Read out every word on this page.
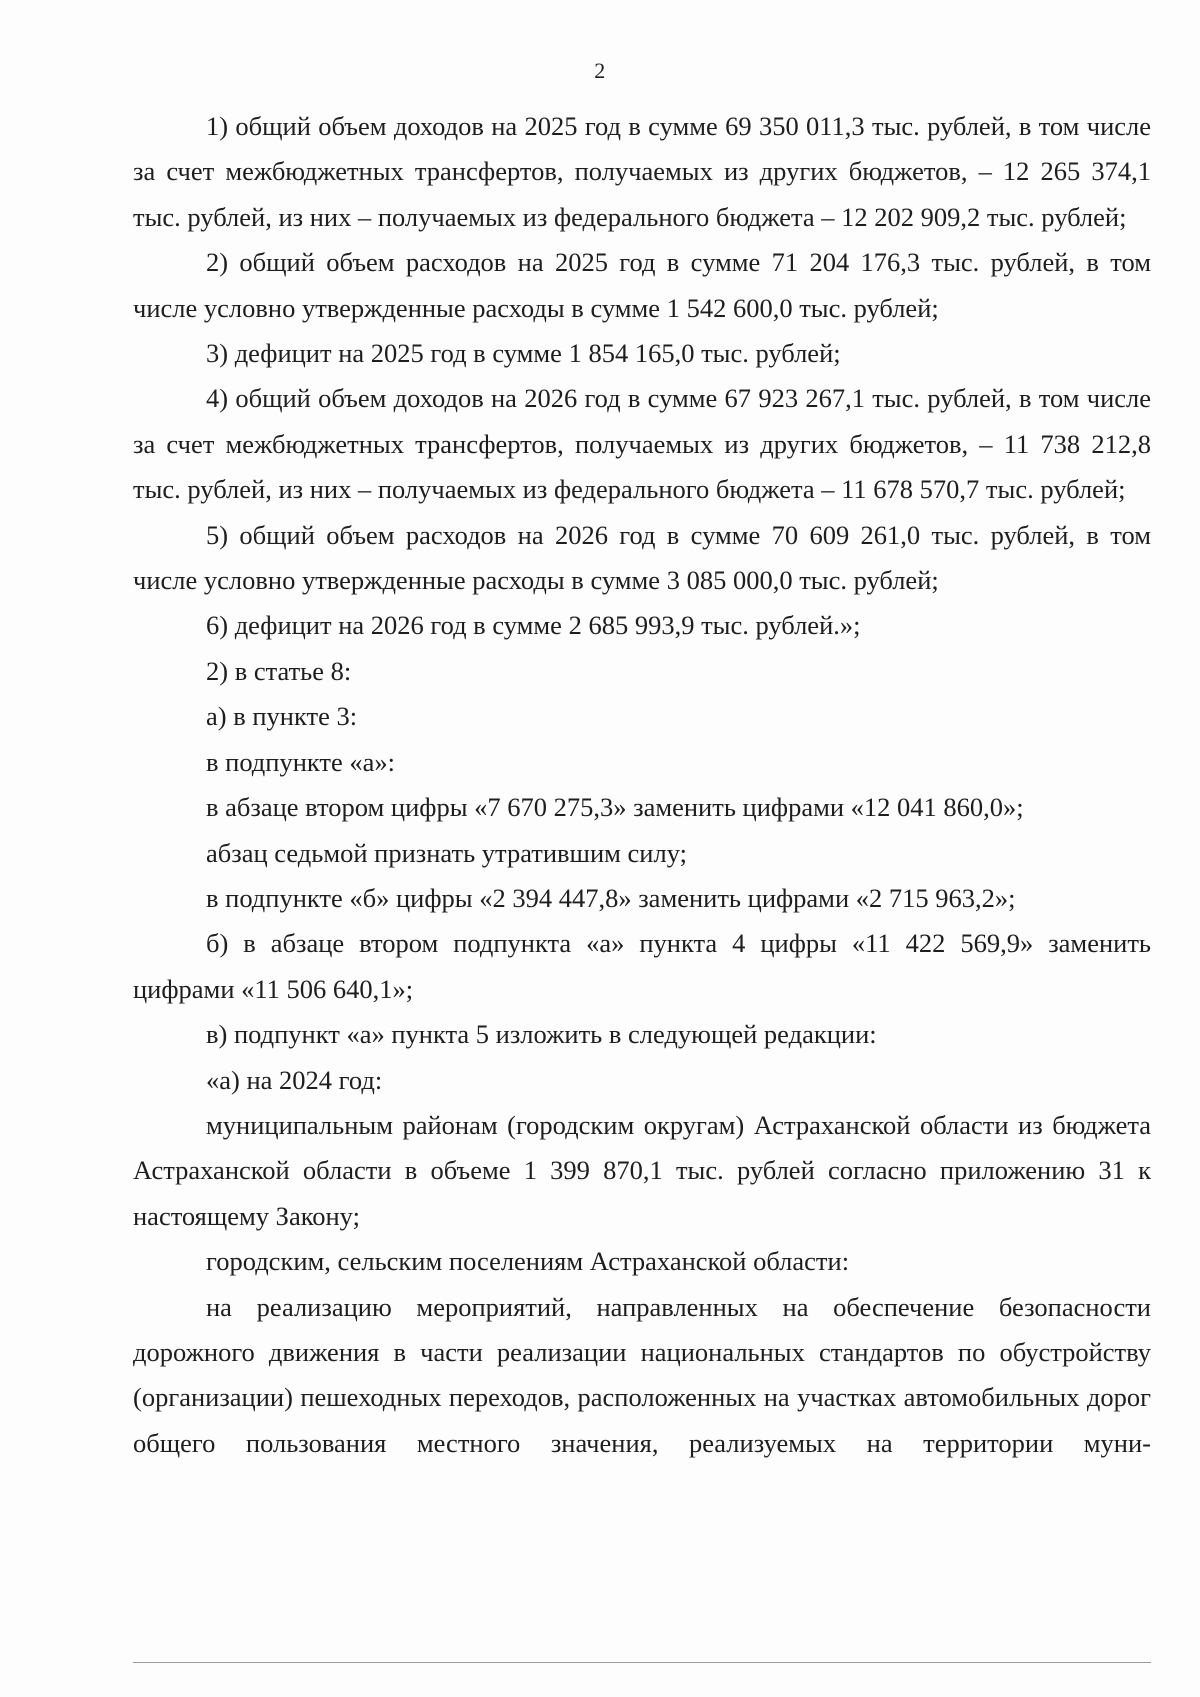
2

1) общий объем доходов на 2025 год в сумме 69 350 011,3 тыс. рублей, в том числе за счет межбюджетных трансфертов, получаемых из других бюджетов, – 12 265 374,1 тыс. рублей, из них – получаемых из федерального бюджета – 12 202 909,2 тыс. рублей;

2) общий объем расходов на 2025 год в сумме 71 204 176,3 тыс. рублей, в том числе условно утвержденные расходы в сумме 1 542 600,0 тыс. рублей;

3) дефицит на 2025 год в сумме 1 854 165,0 тыс. рублей;

4) общий объем доходов на 2026 год в сумме 67 923 267,1 тыс. рублей, в том числе за счет межбюджетных трансфертов, получаемых из других бюджетов, – 11 738 212,8 тыс. рублей, из них – получаемых из федерального бюджета – 11 678 570,7 тыс. рублей;

5) общий объем расходов на 2026 год в сумме 70 609 261,0 тыс. рублей, в том числе условно утвержденные расходы в сумме 3 085 000,0 тыс. рублей;

6) дефицит на 2026 год в сумме 2 685 993,9 тыс. рублей.»;

2) в статье 8:

а) в пункте 3:

в подпункте «а»:

в абзаце втором цифры «7 670 275,3» заменить цифрами «12 041 860,0»;

абзац седьмой признать утратившим силу;

в подпункте «б» цифры «2 394 447,8» заменить цифрами «2 715 963,2»;

б) в абзаце втором подпункта «а» пункта 4 цифры «11 422 569,9» заменить цифрами «11 506 640,1»;

в) подпункт «а» пункта 5 изложить в следующей редакции:

«а) на 2024 год:

муниципальным районам (городским округам) Астраханской области из бюджета Астраханской области в объеме 1 399 870,1 тыс. рублей согласно приложению 31 к настоящему Закону;

городским, сельским поселениям Астраханской области:

на реализацию мероприятий, направленных на обеспечение безопасности дорожного движения в части реализации национальных стандартов по обустройству (организации) пешеходных переходов, расположенных на участках автомобильных дорог общего пользования местного значения, реализуемых на территории муни-
